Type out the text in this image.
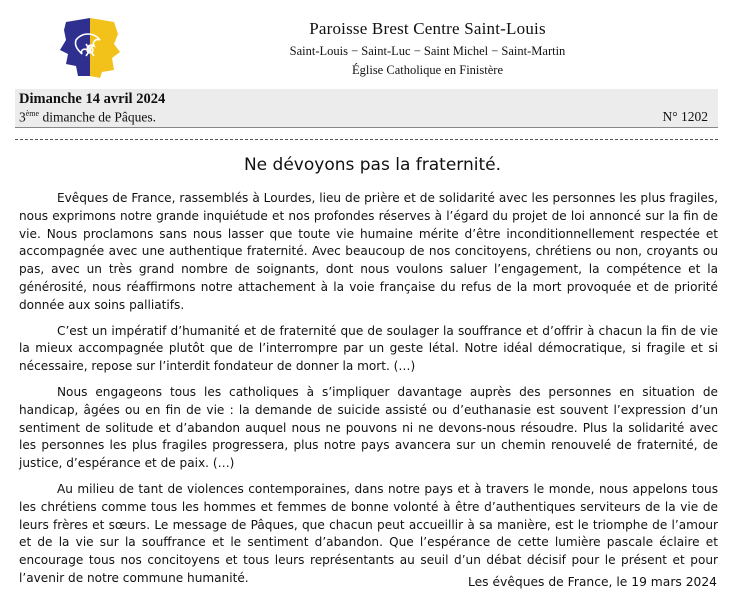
Paroisse Brest Centre Saint-Louis
Saint-Louis − Saint-Luc − Saint Michel − Saint-Martin
Église Catholique en Finistère
Dimanche 14 avril 2024
3ème dimanche de Pâques.	N° 1202
Ne dévoyons pas la fraternité.

Evêques de France, rassemblés à Lourdes, lieu de prière et de solidarité avec les personnes les plus fragiles, nous exprimons notre grande inquiétude et nos profondes réserves à l’égard du projet de loi annoncé sur la fin de vie. Nous proclamons sans nous lasser que toute vie humaine mérite d’être inconditionnellement respectée et accompagnée avec une authentique fraternité. Avec beaucoup de nos concitoyens, chrétiens ou non, croyants ou pas, avec un très grand nombre de soignants, dont nous voulons saluer l’engagement, la compétence et la générosité, nous réaffirmons notre attachement à la voie française du refus de la mort provoquée et de priorité donnée aux soins palliatifs.

C’est un impératif d’humanité et de fraternité que de soulager la souffrance et d’offrir à chacun la fin de vie la mieux accompagnée plutôt que de l’interrompre par un geste létal. Notre idéal démocratique, si fragile et si nécessaire, repose sur l’interdit fondateur de donner la mort. (…)

Nous engageons tous les catholiques à s’impliquer davantage auprès des personnes en situation de handicap, âgées ou en fin de vie : la demande de suicide assisté ou d’euthanasie est souvent l’expression d’un sentiment de solitude et d’abandon auquel nous ne pouvons ni ne devons-nous résoudre. Plus la solidarité avec les personnes les plus fragiles progressera, plus notre pays avancera sur un chemin renouvelé de fraternité, de justice, d’espérance et de paix. (…)

Au milieu de tant de violences contemporaines, dans notre pays et à travers le monde, nous appelons tous les chrétiens comme tous les hommes et femmes de bonne volonté à être d’authentiques serviteurs de la vie de leurs frères et sœurs. Le message de Pâques, que chacun peut accueillir à sa manière, est le triomphe de l’amour et de la vie sur la souffrance et le sentiment d’abandon. Que l’espérance de cette lumière pascale éclaire et encourage tous nos concitoyens et tous leurs représentants au seuil d’un débat décisif pour le présent et pour l’avenir de notre commune humanité.	Les évêques de France, le 19 mars 2024
